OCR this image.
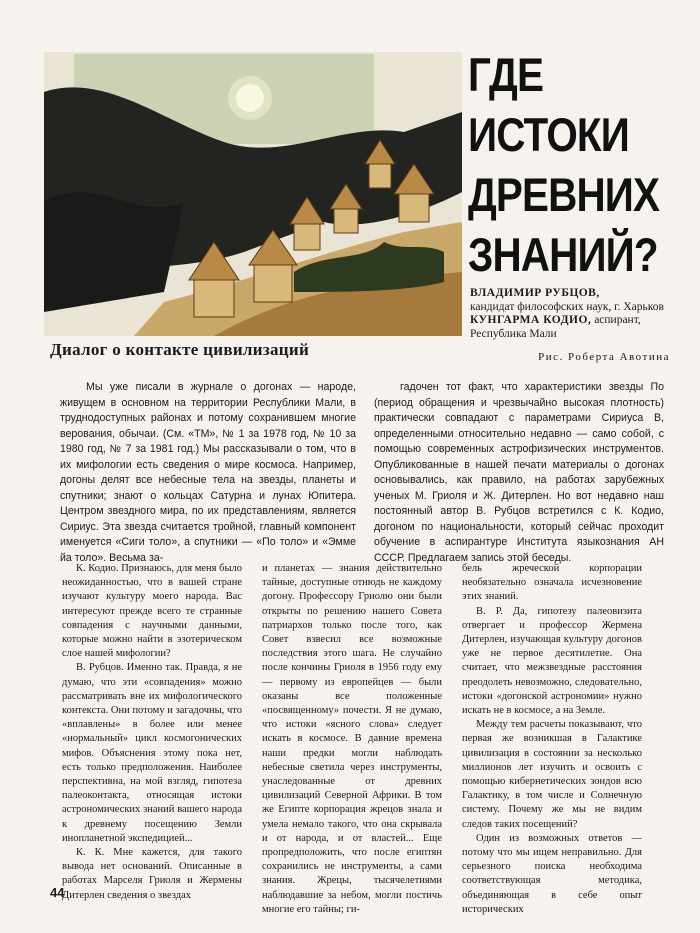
ГДЕ
ИСТОКИ
ДРЕВНИХ
ЗНАНИЙ?
ВЛАДИМИР РУБЦОВ,
кандидат философских наук, г. Харьков
КУНГАРМА КОДИО, аспирант, Республика Мали
Рис. Роберта Авотина
Диалог о контакте цивилизаций
Мы уже писали в журнале о догонах — народе, живущем в основном на территории Республики Мали, в труднодоступных районах и потому сохранившем многие верования, обычаи. (См. «ТМ», № 1 за 1978 год, № 10 за 1980 год, № 7 за 1981 год.) Мы рассказывали о том, что в их мифологии есть сведения о мире космоса. Например, догоны делят все небесные тела на звезды, планеты и спутники; знают о кольцах Сатурна и лунах Юпитера. Центром звездного мира, по их представлениям, является Сириус. Эта звезда считается тройной, главный компонент именуется «Сиги толо», а спутники — «По толо» и «Эмме йа толо». Весьма за-
гадочен тот факт, что характеристики звезды По (период обращения и чрезвычайно высокая плотность) практически совпадают с параметрами Сириуса В, определенными относительно недавно — само собой, с помощью современных астрофизических инструментов. Опубликованные в нашей печати материалы о догонах основывались, как правило, на работах зарубежных ученых М. Гриоля и Ж. Дитерлен. Но вот недавно наш постоянный автор В. Рубцов встретился с К. Кодио, догоном по национальности, который сейчас проходит обучение в аспирантуре Института языкознания АН СССР. Предлагаем запись этой беседы.

К. Кодио. Признаюсь, для меня было неожиданностью, что в вашей стране изучают культуру моего народа. Вас интересуют прежде всего те странные совпадения с научными данными, которые можно найти в эзотерическом слое нашей мифологии?

В. Рубцов. Именно так. Правда, я не думаю, что эти «совпадения» можно рассматривать вне их мифологического контекста. Они потому и загадочны, что «вплавлены» в более или менее «нормальный» цикл космогонических мифов. Объяснения этому пока нет, есть только предположения. Наиболее перспективна, на мой взгляд, гипотеза палеоконтакта, относящая истоки астрономических знаний вашего народа к древнему посещению Земли инопланетной экспедицией...

К. К. Мне кажется, для такого вывода нет оснований. Описанные в работах Марселя Гриоля и Жермены Дитерлен сведения о звездах

и планетах — знания действительно тайные, доступные отнюдь не каждому догону. Профессору Гриолю они были открыты по решению нашего Совета патриархов только после того, как Совет взвесил все возможные последствия этого шага. Не случайно после кончины Гриоля в 1956 году ему — первому из европейцев — были оказаны все положенные «посвященному» почести. Я не думаю, что истоки «ясного слова» следует искать в космосе. В давние времена наши предки могли наблюдать небесные светила через инструменты, унаследованные от древних цивилизаций Северной Африки. В том же Египте корпорация жрецов знала и умела немало такого, что она скрывала и от народа, и от властей... Еще пропредположить, что после египтян сохранились не инструменты, а сами знания. Жрецы, тысячелетиями наблюдавшие за небом, могли постичь многие его тайны; ги-

бель жреческой корпорации необязательно означала исчезновение этих знаний.

В. Р. Да, гипотезу палеовизита отвергает и профессор Жермена Дитерлен, изучающая культуру догонов уже не первое десятилетие. Она считает, что межзвездные расстояния преодолеть невозможно, следовательно, истоки «догонской астрономии» нужно искать не в космосе, а на Земле.

Между тем расчеты показывают, что первая же возникшая в Галактике цивилизация в состоянии за несколько миллионов лет изучить и освоить с помощью кибернетических зондов всю Галактику, в том числе и Солнечную систему. Почему же мы не видим следов таких посещений?

Один из возможных ответов — потому что мы ищем неправильно. Для серьезного поиска необходима соответствующая методика, объединяющая в себе опыт исторических

44
